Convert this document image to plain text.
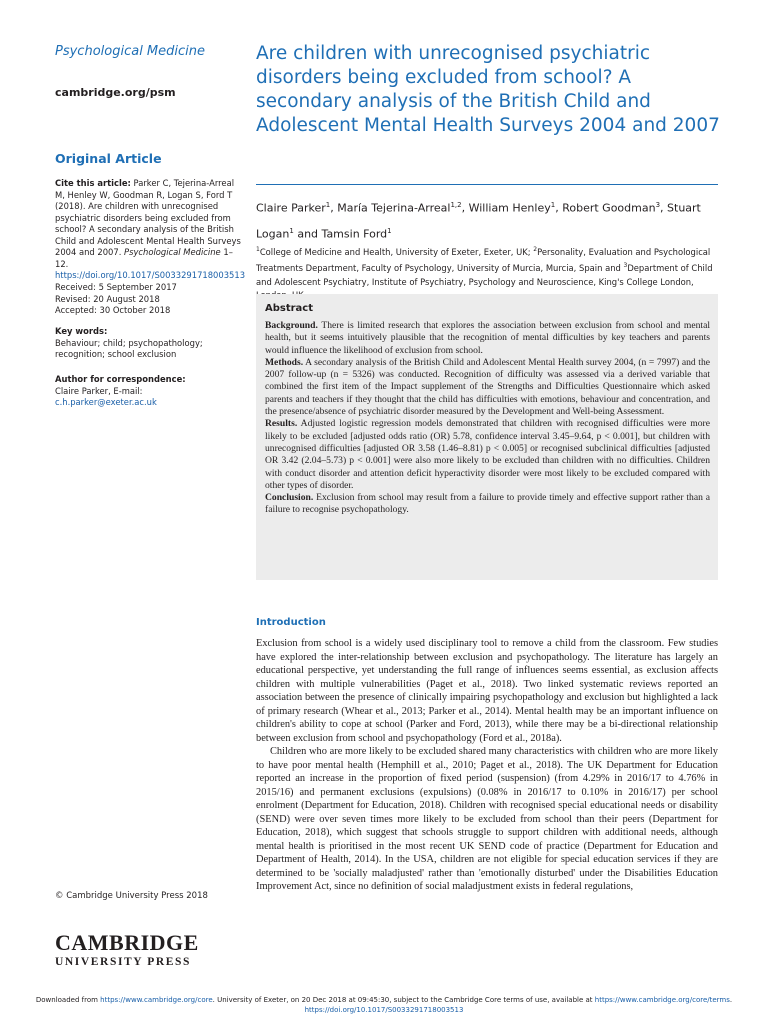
Psychological Medicine
cambridge.org/psm
Original Article
Cite this article: Parker C, Tejerina-Arreal M, Henley W, Goodman R, Logan S, Ford T (2018). Are children with unrecognised psychiatric disorders being excluded from school? A secondary analysis of the British Child and Adolescent Mental Health Surveys 2004 and 2007. Psychological Medicine 1–12. https://doi.org/10.1017/S0033291718003513
Received: 5 September 2017
Revised: 20 August 2018
Accepted: 30 October 2018
Key words:
Behaviour; child; psychopathology; recognition; school exclusion
Author for correspondence:
Claire Parker, E-mail: c.h.parker@exeter.ac.uk
© Cambridge University Press 2018
CAMBRIDGE
UNIVERSITY PRESS
Are children with unrecognised psychiatric disorders being excluded from school? A secondary analysis of the British Child and Adolescent Mental Health Surveys 2004 and 2007
Claire Parker$^1$, María Tejerina-Arreal$^{1,2}$, William Henley$^1$, Robert Goodman$^3$, Stuart Logan$^1$ and Tamsin Ford$^1$
$^1$College of Medicine and Health, University of Exeter, Exeter, UK; $^2$Personality, Evaluation and Psychological Treatments Department, Faculty of Psychology, University of Murcia, Murcia, Spain and $^3$Department of Child and Adolescent Psychiatry, Institute of Psychiatry, Psychology and Neuroscience, King's College London,
Abstract

Background. There is limited research that explores the association between exclusion from school and mental health, but it seems intuitively plausible that the recognition of mental difficulties by key teachers and parents would influence the likelihood of exclusion from school.

Methods. A secondary analysis of the British Child and Adolescent Mental Health survey 2004, (n = 7997) and the 2007 follow-up (n = 5326) was conducted. Recognition of difficulty was assessed via a derived variable that combined the first item of the Impact supplement of the Strengths and Difficulties Questionnaire which asked parents and teachers if they thought that the child has difficulties with emotions, behaviour and concentration, and the presence/absence of psychiatric disorder measured by the Development and Well-being Assessment.

Results. Adjusted logistic regression models demonstrated that children with recognised difficulties were more likely to be excluded [adjusted odds ratio (OR) 5.78, confidence interval 3.45–9.64, p < 0.001], but children with unrecognised difficulties [adjusted OR 3.58 (1.46–8.81) p < 0.005] or recognised subclinical difficulties [adjusted OR 3.42 (2.04–5.73) p < 0.001] were also more likely to be excluded than children with no difficulties. Children with conduct disorder and attention deficit hyperactivity disorder were most likely to be excluded compared with other types of disorder.

Conclusion. Exclusion from school may result from a failure to provide timely and effective support rather than a failure to recognise psychopathology.

Introduction

Exclusion from school is a widely used disciplinary tool to remove a child from the classroom. Few studies have explored the inter-relationship between exclusion and psychopathology. The literature has largely an educational perspective, yet understanding the full range of influences seems essential, as exclusion affects children with multiple vulnerabilities (Paget et al., 2018). Two linked systematic reviews reported an association between the presence of clinically impairing psychopathology and exclusion but highlighted a lack of primary research (Whear et al., 2013; Parker et al., 2014). Mental health may be an important influence on children's ability to cope at school (Parker and Ford, 2013), while there may be a bi-directional relationship between exclusion from school and psychopathology (Ford et al., 2018a).

Children who are more likely to be excluded shared many characteristics with children who are more likely to have poor mental health (Hemphill et al., 2010; Paget et al., 2018). The UK Department for Education reported an increase in the proportion of fixed period (suspension) (from 4.29% in 2016/17 to 4.76% in 2015/16) and permanent exclusions (expulsions) (0.08% in 2016/17 to 0.10% in 2016/17) per school enrolment (Department for Education, 2018). Children with recognised special educational needs or disability (SEND) were over seven times more likely to be excluded from school than their peers (Department for Education, 2018), which suggest that schools struggle to support children with additional needs, although mental health is prioritised in the most recent UK SEND code of practice (Department for Education and Department of Health, 2014). In the USA, children are not eligible for special education services if they are determined to be 'socially maladjusted' rather than 'emotionally disturbed' under the Disabilities Education Improvement Act, since no definition of social maladjustment exists in federal regulations,

Downloaded from https://www.cambridge.org/core. University of Exeter, on 20 Dec 2018 at 09:45:30, subject to the Cambridge Core terms of use, available at https://www.cambridge.org/core/terms.
https://doi.org/10.1017/S0033291718003513
